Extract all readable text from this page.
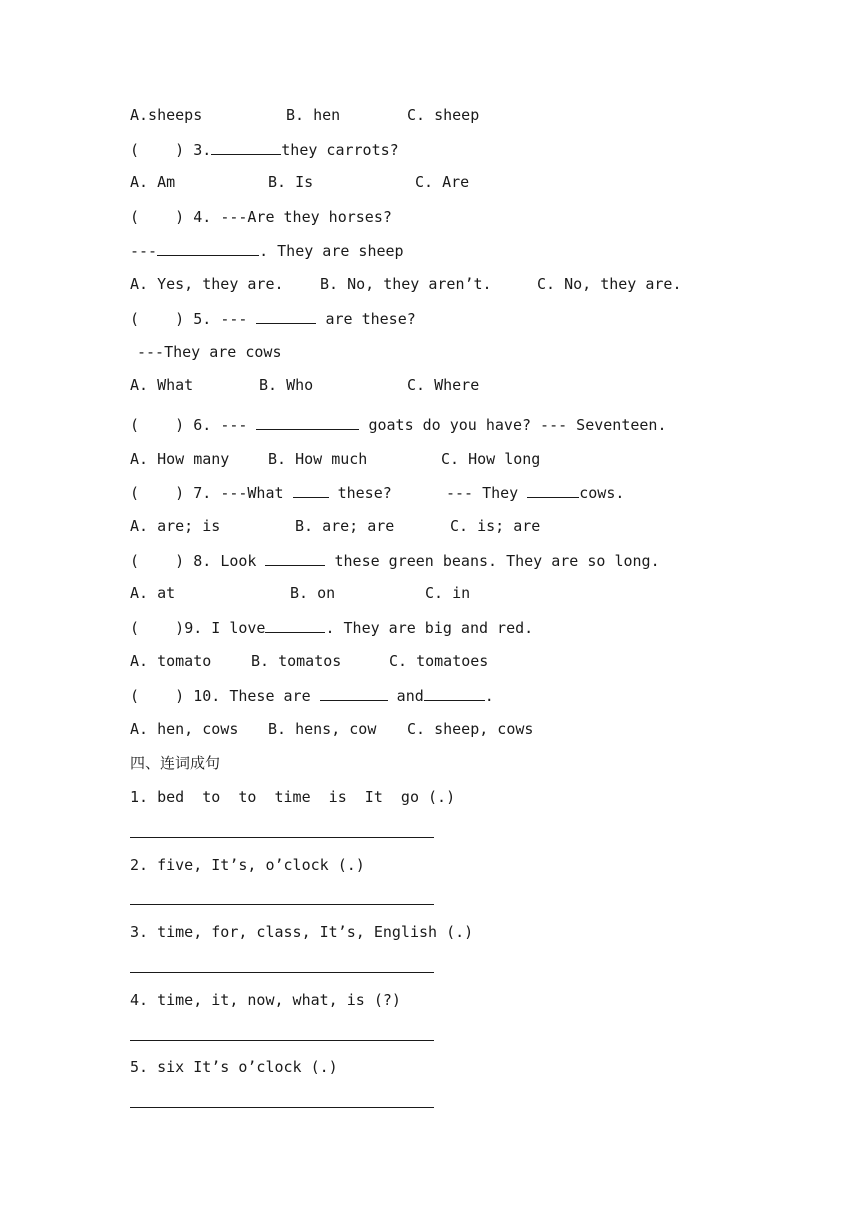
A.sheeps	B. hen	C. sheep
(    ) 3.	they carrots?
A. Am	B. Is	C. Are
(    ) 4. ---Are they horses?
---	. They are sheep
A. Yes, they are. B. No, they aren’t.	C. No, they are.
(    ) 5. ---	are these?
---They are cows
A. What	B. Who	C. Where
(    ) 6. ---	goats do you have? --- Seventeen.
A. How many	B. How much	C. How long
(    ) 7. ---What  these?      --- They	cows.
A. are; is	B. are; are	C. is; are
(    ) 8. Look	these green beans. They are so long.
A. at	B. on	C. in
(    )9. I love	. They are big and red.
A. tomato	B. tomatos	C. tomatoes
(    ) 10. These are	and	.
A. hen, cows B. hens, cow C. sheep, cows
四、连词成句
1. bed  to  to  time  is  It  go (.)
2. five, It’s, o’clock (.)
3. time, for, class, It’s, English (.)
4. time, it, now, what, is (?)
5. six It’s o’clock (.)
